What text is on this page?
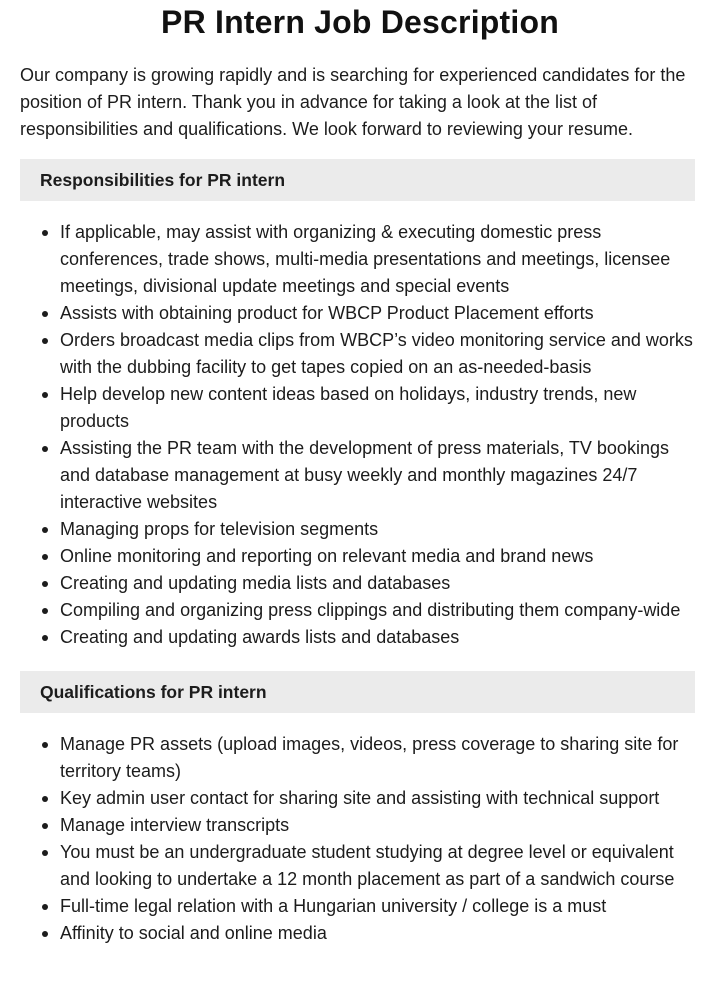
PR Intern Job Description

Our company is growing rapidly and is searching for experienced candidates for the position of PR intern. Thank you in advance for taking a look at the list of responsibilities and qualifications. We look forward to reviewing your resume.

Responsibilities for PR intern
If applicable, may assist with organizing & executing domestic press conferences, trade shows, multi-media presentations and meetings, licensee meetings, divisional update meetings and special events
Assists with obtaining product for WBCP Product Placement efforts
Orders broadcast media clips from WBCP’s video monitoring service and works with the dubbing facility to get tapes copied on an as-needed-basis
Help develop new content ideas based on holidays, industry trends, new products
Assisting the PR team with the development of press materials, TV bookings and database management at busy weekly and monthly magazines 24/7 interactive websites
Managing props for television segments
Online monitoring and reporting on relevant media and brand news
Creating and updating media lists and databases
Compiling and organizing press clippings and distributing them company-wide
Creating and updating awards lists and databases
Qualifications for PR intern
Manage PR assets (upload images, videos, press coverage to sharing site for territory teams)
Key admin user contact for sharing site and assisting with technical support
Manage interview transcripts
You must be an undergraduate student studying at degree level or equivalent and looking to undertake a 12 month placement as part of a sandwich course
Full-time legal relation with a Hungarian university / college is a must
Affinity to social and online media
